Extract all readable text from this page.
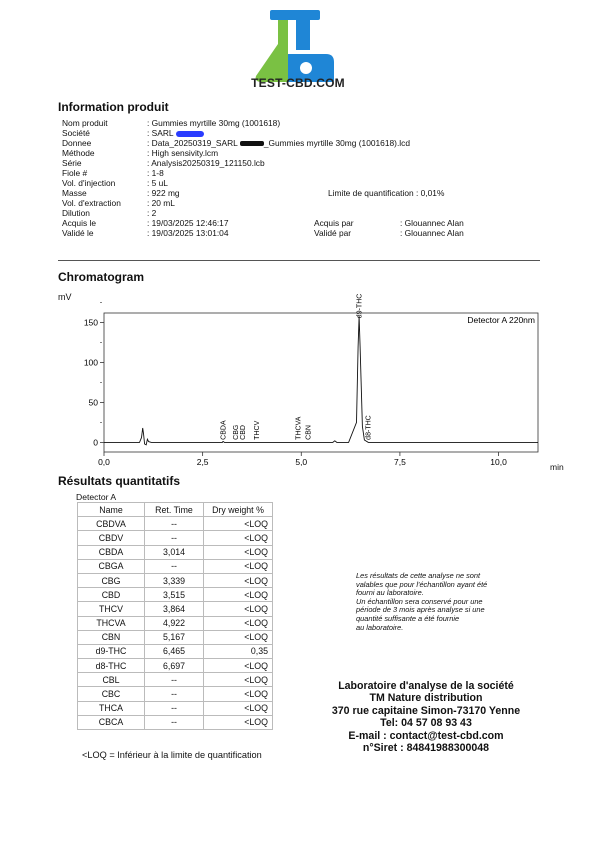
TEST-CBD.COM
Information produit
Nom produit	: Gummies myrtille 30mg (1001618)
Société	: SARL
Donnee	: Data_20250319_SARL	_Gummies myrtille 30mg (1001618).lcd
Méthode	: High sensivity.lcm
Série	: Analysis20250319_121150.lcb
Fiole #	: 1-8
Vol. d'injection	: 5 uL
Masse	: 922 mg	Limite de quantification : 0,01%
Vol. d'extraction	: 20 mL
Dilution	: 2
Acquis le	: 19/03/2025 12:46:17	Acquis par	: Glouannec Alan
Validé le	: 19/03/2025 13:01:04	Validé par	: Glouannec Alan
Chromatogram
mV
min
0
50
100
150
0,0	2,5	5,0	7,5	10,0
Detector A 220nm
CBDA CBG CBD THCV	THCVA CBN
d9-THC
d8-THC
Résultats quantitatifs
Detector A
Name	Ret. Time	Dry weight %
CBDVA	--	<LOQ
CBDV	--	<LOQ
CBDA	3,014	<LOQ
CBGA	--	<LOQ
CBG	3,339	<LOQ
CBD	3,515	<LOQ
THCV	3,864	<LOQ
THCVA	4,922	<LOQ
CBN	5,167	<LOQ
d9-THC	6,465	0,35
d8-THC	6,697	<LOQ
CBL	--	<LOQ
CBC	--	<LOQ
THCA	--	<LOQ
CBCA	--	<LOQ
Les résultats de cette analyse ne sont
valables que pour l'échantillon ayant été
fourni au laboratoire.
Un échantillon sera conservé pour une
période de 3 mois après analyse si une
quantité suffisante a été fournie
au laboratoire.
Laboratoire d'analyse de la société
TM Nature distribution
370 rue capitaine Simon-73170 Yenne
Tel: 04 57 08 93 43
E-mail : contact@test-cbd.com
n°Siret : 84841988300048
<LOQ = Inférieur à la limite de quantification
